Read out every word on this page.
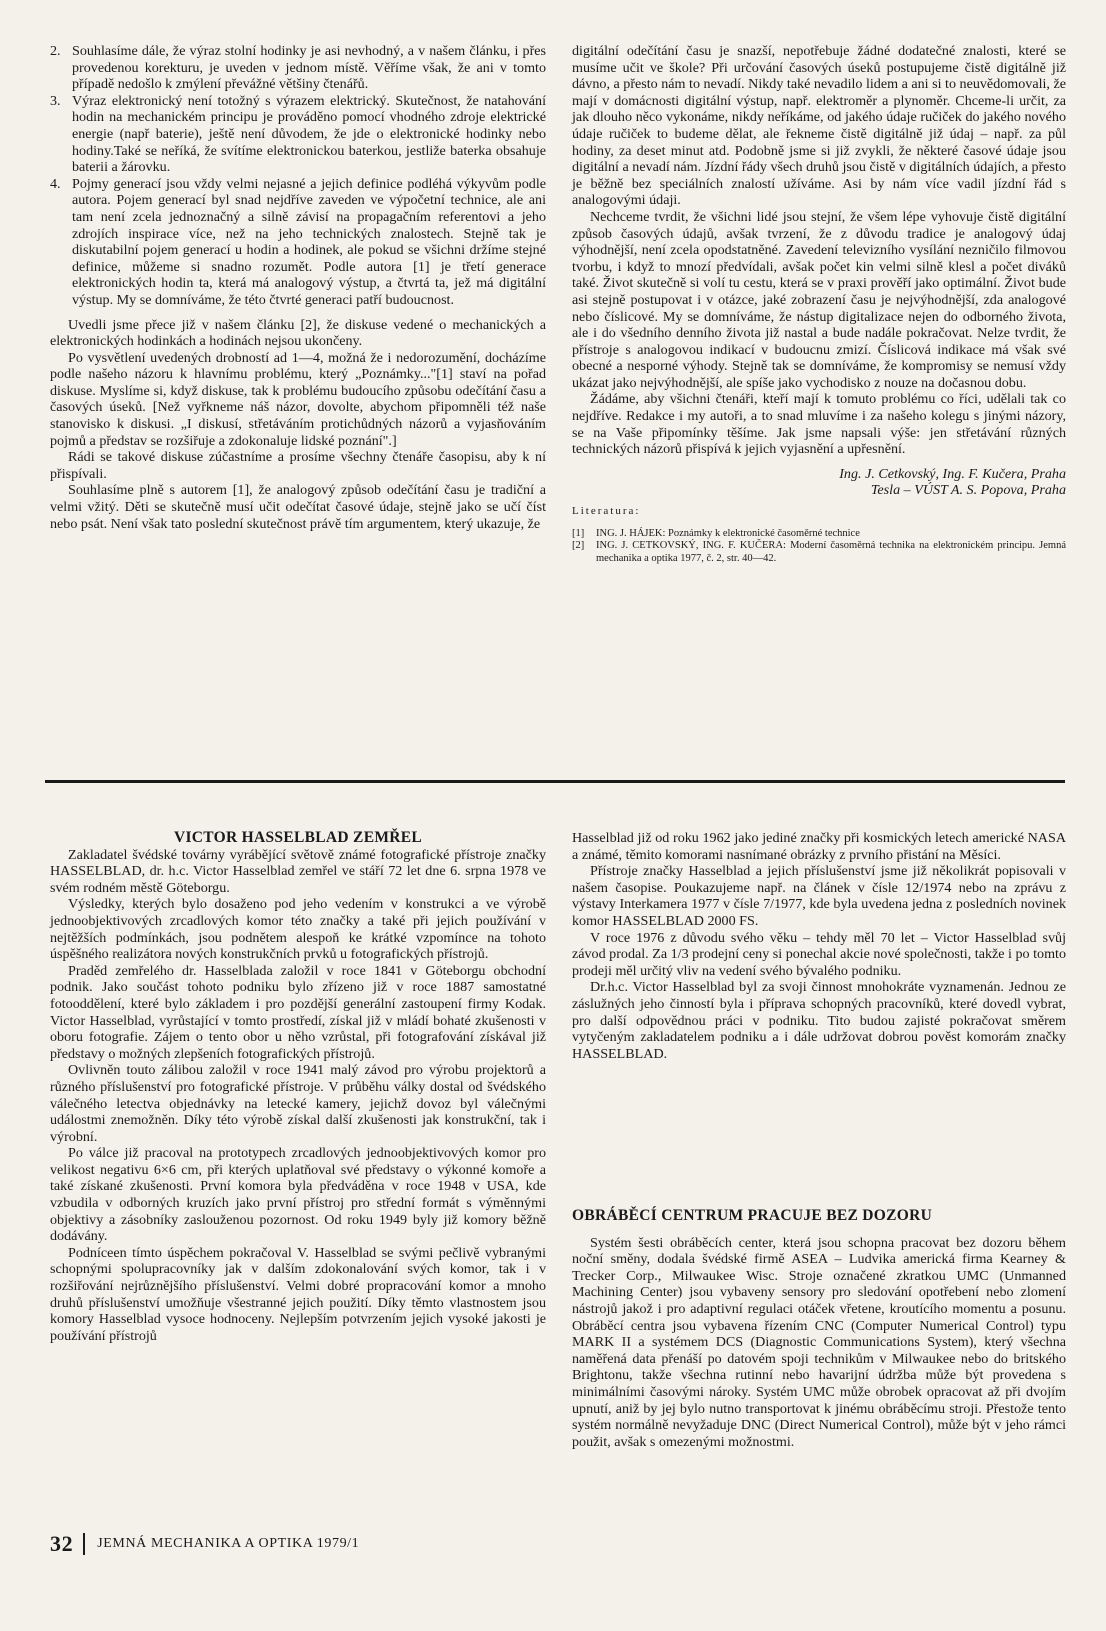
2. Souhlasíme dále, že výraz stolní hodinky je asi nevhodný, a v našem článku, i přes provedenou korekturu, je uveden v jednom místě. Věříme však, že ani v tomto případě nedošlo k zmýlení převážné většiny čtenářů.

3. Výraz elektronický není totožný s výrazem elektrický. Skutečnost, že natahování hodin na mechanickém principu je prováděno pomocí vhodného zdroje elektrické energie (např baterie), ještě není důvodem, že jde o elektronické hodinky nebo hodiny.Také se neříká, že svítíme elektronickou baterkou, jestliže baterka obsahuje baterii a žárovku.

4. Pojmy generací jsou vždy velmi nejasné a jejich definice podléhá výkyvům podle autora. Pojem generací byl snad nejdříve zaveden ve výpočetní technice, ale ani tam není zcela jednoznačný a silně závisí na propagačním referentovi a jeho zdrojích inspirace více, než na jeho technických znalostech. Stejně tak je diskutabilní pojem generací u hodin a hodinek, ale pokud se všichni držíme stejné definice, můžeme si snadno rozumět. Podle autora [1] je třetí generace elektronických hodin ta, která má analogový výstup, a čtvrtá ta, jež má digitální výstup. My se domníváme, že této čtvrté generaci patří budoucnost.

Uvedli jsme přece již v našem článku [2], že diskuse vedené o mechanických a elektronických hodinkách a hodinách nejsou ukončeny.

Po vysvětlení uvedených drobností ad 1—4, možná že i nedorozumění, docházíme podle našeho názoru k hlavnímu problému, který „Poznámky..."[1] staví na pořad diskuse. Myslíme si, když diskuse, tak k problému budoucího způsobu odečítání času a časových úseků. [Než vyřkneme náš názor, dovolte, abychom připomněli též naše stanovisko k diskusi. „I diskusí, střetáváním protichůdných názorů a vyjasňováním pojmů a představ se rozšiřuje a zdokonaluje lidské poznání".]

Rádi se takové diskuse zúčastníme a prosíme všechny čtenáře časopisu, aby k ní přispívali.

Souhlasíme plně s autorem [1], že analogový způsob odečítání času je tradiční a velmi vžitý. Děti se skutečně musí učit odečítat časové údaje, stejně jako se učí číst nebo psát. Není však tato poslední skutečnost právě tím argumentem, který ukazuje, že

digitální odečítání času je snazší, nepotřebuje žádné dodatečné znalosti, které se musíme učit ve škole? Při určování časových úseků postupujeme čistě digitálně již dávno, a přesto nám to nevadí. Nikdy také nevadilo lidem a ani si to neuvědomovali, že mají v domácnosti digitální výstup, např. elektroměr a plynoměr. Chceme-li určit, za jak dlouho něco vykonáme, nikdy neříkáme, od jakého údaje ručiček do jakého nového údaje ručiček to budeme dělat, ale řekneme čistě digitálně již údaj – např. za půl hodiny, za deset minut atd. Podobně jsme si již zvykli, že některé časové údaje jsou digitální a nevadí nám. Jízdní řády všech druhů jsou čistě v digitálních údajích, a přesto je běžně bez speciálních znalostí užíváme. Asi by nám více vadil jízdní řád s analogovými údaji.

Nechceme tvrdit, že všichni lidé jsou stejní, že všem lépe vyhovuje čistě digitální způsob časových údajů, avšak tvrzení, že z důvodu tradice je analogový údaj výhodnější, není zcela opodstatněné. Zavedení televizního vysílání nezničilo filmovou tvorbu, i když to mnozí předvídali, avšak počet kin velmi silně klesl a počet diváků také. Život skutečně si volí tu cestu, která se v praxi prověří jako optimální. Život bude asi stejně postupovat i v otázce, jaké zobrazení času je nejvýhodnější, zda analogové nebo číslicové. My se domníváme, že nástup digitalizace nejen do odborného života, ale i do všedního denního života již nastal a bude nadále pokračovat. Nelze tvrdit, že přístroje s analogovou indikací v budoucnu zmizí. Číslicová indikace má však své obecné a nesporné výhody. Stejně tak se domníváme, že kompromisy se nemusí vždy ukázat jako nejvýhodnější, ale spíše jako vychodisko z nouze na dočasnou dobu.

Žádáme, aby všichni čtenáři, kteří mají k tomuto problému co říci, udělali tak co nejdříve. Redakce i my autoři, a to snad mluvíme i za našeho kolegu s jinými názory, se na Vaše připomínky těšíme. Jak jsme napsali výše: jen střetávání různých technických názorů přispívá k jejich vyjasnění a upřesnění.

Ing. J. Cetkovský, Ing. F. Kučera, Praha

Tesla – VÚST A. S. Popova, Praha

Literatura:

[1] ING. J. HÁJEK: Poznámky k elektronické časoměrné technice

[2] ING. J. CETKOVSKÝ, ING. F. KUČERA: Moderní časoměrná technika na elektronickém principu. Jemná mechanika a optika 1977, č. 2, str. 40—42.

VICTOR HASSELBLAD ZEMŘEL

Zakladatel švédské továrny vyrábějící světově známé fotografické přístroje značky HASSELBLAD, dr. h.c. Victor Hasselblad zemřel ve stáří 72 let dne 6. srpna 1978 ve svém rodném městě Göteborgu.

Výsledky, kterých bylo dosaženo pod jeho vedením v konstrukci a ve výrobě jednoobjektivových zrcadlových komor této značky a také při jejich používání v nejtěžších podmínkách, jsou podnětem alespoň ke krátké vzpomínce na tohoto úspěšného realizátora nových konstrukčních prvků u fotografických přístrojů.

Praděd zemřelého dr. Hasselblada založil v roce 1841 v Göteborgu obchodní podnik. Jako součást tohoto podniku bylo zřízeno již v roce 1887 samostatné fotooddělení, které bylo základem i pro pozdější generální zastoupení firmy Kodak. Victor Hasselblad, vyrůstající v tomto prostředí, získal již v mládí bohaté zkušenosti v oboru fotografie. Zájem o tento obor u něho vzrůstal, při fotografování získával již představy o možných zlepšeních fotografických přístrojů.

Ovlivněn touto zálibou založil v roce 1941 malý závod pro výrobu projektorů a různého příslušenství pro fotografické přístroje. V průběhu války dostal od švédského válečného letectva objednávky na letecké kamery, jejichž dovoz byl válečnými událostmi znemožněn. Díky této výrobě získal další zkušenosti jak konstrukční, tak i výrobní.

Po válce již pracoval na prototypech zrcadlových jednoobjektivových komor pro velikost negativu 6×6 cm, při kterých uplatňoval své představy o výkonné komoře a také získané zkušenosti. První komora byla předváděna v roce 1948 v USA, kde vzbudila v odborných kruzích jako první přístroj pro střední formát s výměnnými objektivy a zásobníky zaslouženou pozornost. Od roku 1949 byly již komory běžně dodávány.

Podníceen tímto úspěchem pokračoval V. Hasselblad se svými pečlivě vybranými schopnými spolupracovníky jak v dalším zdokonalování svých komor, tak i v rozšiřování nejrůznějšího příslušenství. Velmi dobré propracování komor a mnoho druhů příslušenství umožňuje všestranné jejich použití. Díky těmto vlastnostem jsou komory Hasselblad vysoce hodnoceny. Nejlepším potvrzením jejich vysoké jakosti je používání přístrojů

Hasselblad již od roku 1962 jako jediné značky při kosmických letech americké NASA a známé, těmito komorami nasnímané obrázky z prvního přistání na Měsíci.

Přístroje značky Hasselblad a jejich příslušenství jsme již několikrát popisovali v našem časopise. Poukazujeme např. na článek v čísle 12/1974 nebo na zprávu z výstavy Interkamera 1977 v čísle 7/1977, kde byla uvedena jedna z posledních novinek komor HASSELBLAD 2000 FS.

V roce 1976 z důvodu svého věku – tehdy měl 70 let – Victor Hasselblad svůj závod prodal. Za 1/3 prodejní ceny si ponechal akcie nové společnosti, takže i po tomto prodeji měl určitý vliv na vedení svého bývalého podniku.

Dr.h.c. Victor Hasselblad byl za svoji činnost mnohokráte vyznamenán. Jednou ze záslužných jeho činností byla i příprava schopných pracovníků, které dovedl vybrat, pro další odpovědnou práci v podniku. Tito budou zajisté pokračovat směrem vytyčeným zakladatelem podniku a i dále udržovat dobrou pověst komorám značky HASSELBLAD.

OBRÁBĚCÍ CENTRUM PRACUJE BEZ DOZORU

Systém šesti obráběcích center, která jsou schopna pracovat bez dozoru během noční směny, dodala švédské firmě ASEA – Ludvika americká firma Kearney & Trecker Corp., Milwaukee Wisc. Stroje označené zkratkou UMC (Unmanned Machining Center) jsou vybaveny sensory pro sledování opotřebení nebo zlomení nástrojů jakož i pro adaptivní regulaci otáček vřetene, kroutícího momentu a posunu. Obráběcí centra jsou vybavena řízením CNC (Computer Numerical Control) typu MARK II a systémem DCS (Diagnostic Communications System), který všechna naměřená data přenáší po datovém spoji technikům v Milwaukee nebo do britského Brightonu, takže všechna rutinní nebo havarijní údržba může být provedena s minimálními časovými nároky. Systém UMC může obrobek opracovat až při dvojím upnutí, aniž by jej bylo nutno transportovat k jinému obráběcímu stroji. Přestože tento systém normálně nevyžaduje DNC (Direct Numerical Control), může být v jeho rámci použit, avšak s omezenými možnostmi.

32 JEMNÁ MECHANIKA A OPTIKA 1979/1
